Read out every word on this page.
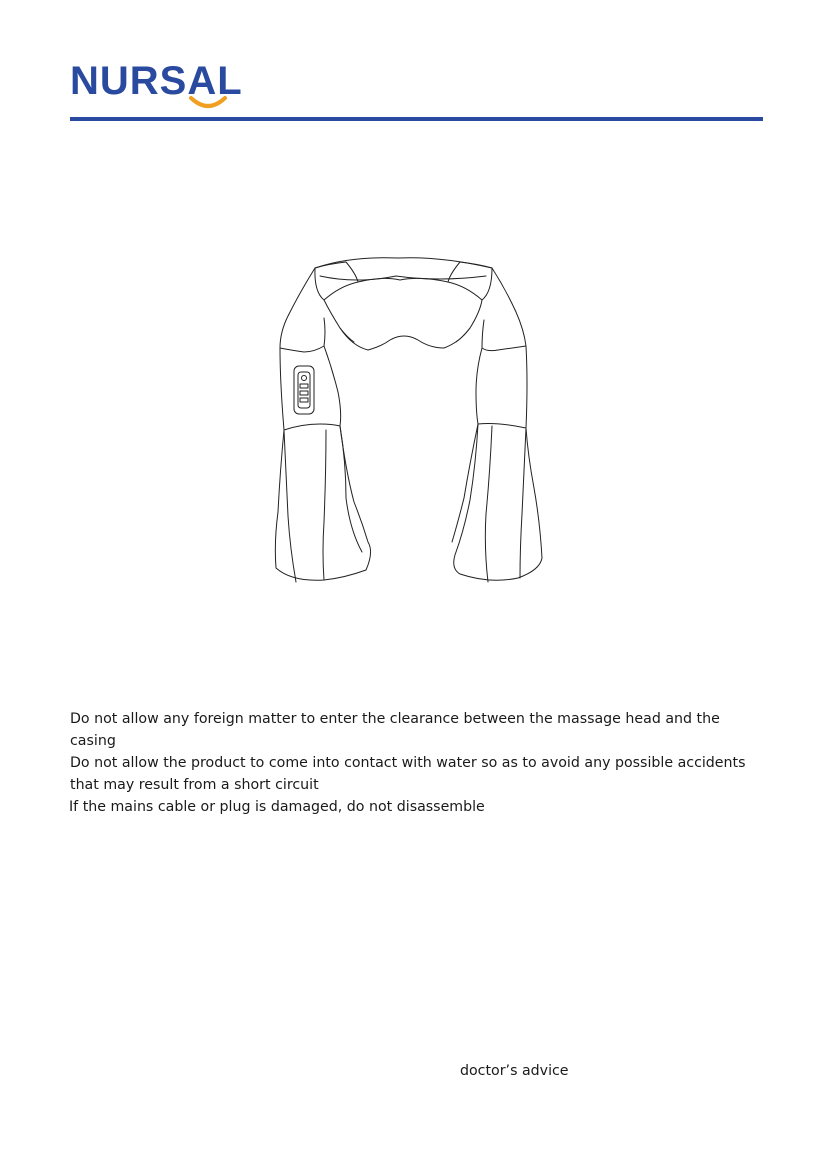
NURSAL
Do not allow any foreign matter to enter the clearance between the massage head and the casing
Do not allow the product to come into contact with water so as to avoid any possible accidents that may result from a short circuit
If the mains cable or plug is damaged, do not disassemble
doctor’s advice
